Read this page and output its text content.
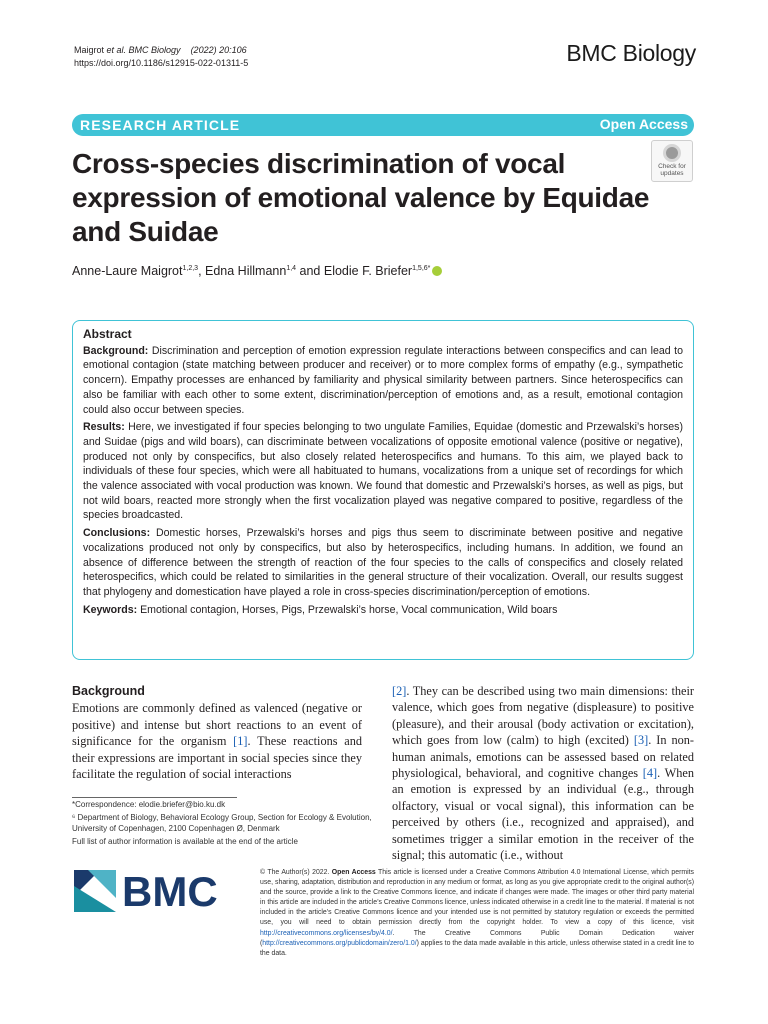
Maigrot et al. BMC Biology (2022) 20:106
https://doi.org/10.1186/s12915-022-01311-5	BMC Biology
RESEARCH ARTICLE	Open Access
Cross-species discrimination of vocal expression of emotional valence by Equidae and Suidae
Check for
updates
Anne-Laure Maigrot$^{1,2,3}$, Edna Hillmann$^{1,4}$ and Elodie F. Briefer$^{1,5,6*}$
Abstract

Background: Discrimination and perception of emotion expression regulate interactions between conspecifics and can lead to emotional contagion (state matching between producer and receiver) or to more complex forms of empathy (e.g., sympathetic concern). Empathy processes are enhanced by familiarity and physical similarity between partners. Since heterospecifics can also be familiar with each other to some extent, discrimination/perception of emotions and, as a result, emotional contagion could also occur between species.

Results: Here, we investigated if four species belonging to two ungulate Families, Equidae (domestic and Przewalski’s horses) and Suidae (pigs and wild boars), can discriminate between vocalizations of opposite emotional valence (positive or negative), produced not only by conspecifics, but also closely related heterospecifics and humans. To this aim, we played back to individuals of these four species, which were all habituated to humans, vocalizations from a unique set of recordings for which the valence associated with vocal production was known. We found that domestic and Przewalski’s horses, as well as pigs, but not wild boars, reacted more strongly when the first vocalization played was negative compared to positive, regardless of the species broadcasted.

Conclusions: Domestic horses, Przewalski’s horses and pigs thus seem to discriminate between positive and negative vocalizations produced not only by conspecifics, but also by heterospecifics, including humans. In addition, we found an absence of difference between the strength of reaction of the four species to the calls of conspecifics and closely related heterospecifics, which could be related to similarities in the general structure of their vocalization. Overall, our results suggest that phylogeny and domestication have played a role in cross-species discrimination/perception of emotions.

Keywords: Emotional contagion, Horses, Pigs, Przewalski’s horse, Vocal communication, Wild boars

Background

Emotions are commonly defined as valenced (negative or positive) and intense but short reactions to an event of significance for the organism [1]. These reactions and their expressions are important in social species since they facilitate the regulation of social interactions

[2]. They can be described using two main dimensions: their valence, which goes from negative (displeasure) to positive (pleasure), and their arousal (body activation or excitation), which goes from low (calm) to high (excited) [3]. In non-human animals, emotions can be assessed based on related physiological, behavioral, and cognitive changes [4]. When an emotion is expressed by an individual (e.g., through olfactory, visual or vocal signal), this information can be perceived by others (i.e., recognized and appraised), and sometimes trigger a similar emotion in the receiver of the signal; this automatic (i.e., without

*Correspondence: elodie.briefer@bio.ku.dk
⁶ Department of Biology, Behavioral Ecology Group, Section for Ecology & Evolution, University of Copenhagen, 2100 Copenhagen Ø, Denmark
Full list of author information is available at the end of the article
BMC	© The Author(s) 2022. Open Access This article is licensed under a Creative Commons Attribution 4.0 International License, which permits use, sharing, adaptation, distribution and reproduction in any medium or format, as long as you give appropriate credit to the original author(s) and the source, provide a link to the Creative Commons licence, and indicate if changes were made. The images or other third party material in this article are included in the article’s Creative Commons licence, unless indicated otherwise in a credit line to the material. If material is not included in the article’s Creative Commons licence and your intended use is not permitted by statutory regulation or exceeds the permitted use, you will need to obtain permission directly from the copyright holder. To view a copy of this licence, visit http://creativecommons.org/licenses/by/4.0/. The Creative Commons Public Domain Dedication waiver (http://creativecommons.org/publicdomain/zero/1.0/) applies to the data made available in this article, unless otherwise stated in a credit line to the data.
